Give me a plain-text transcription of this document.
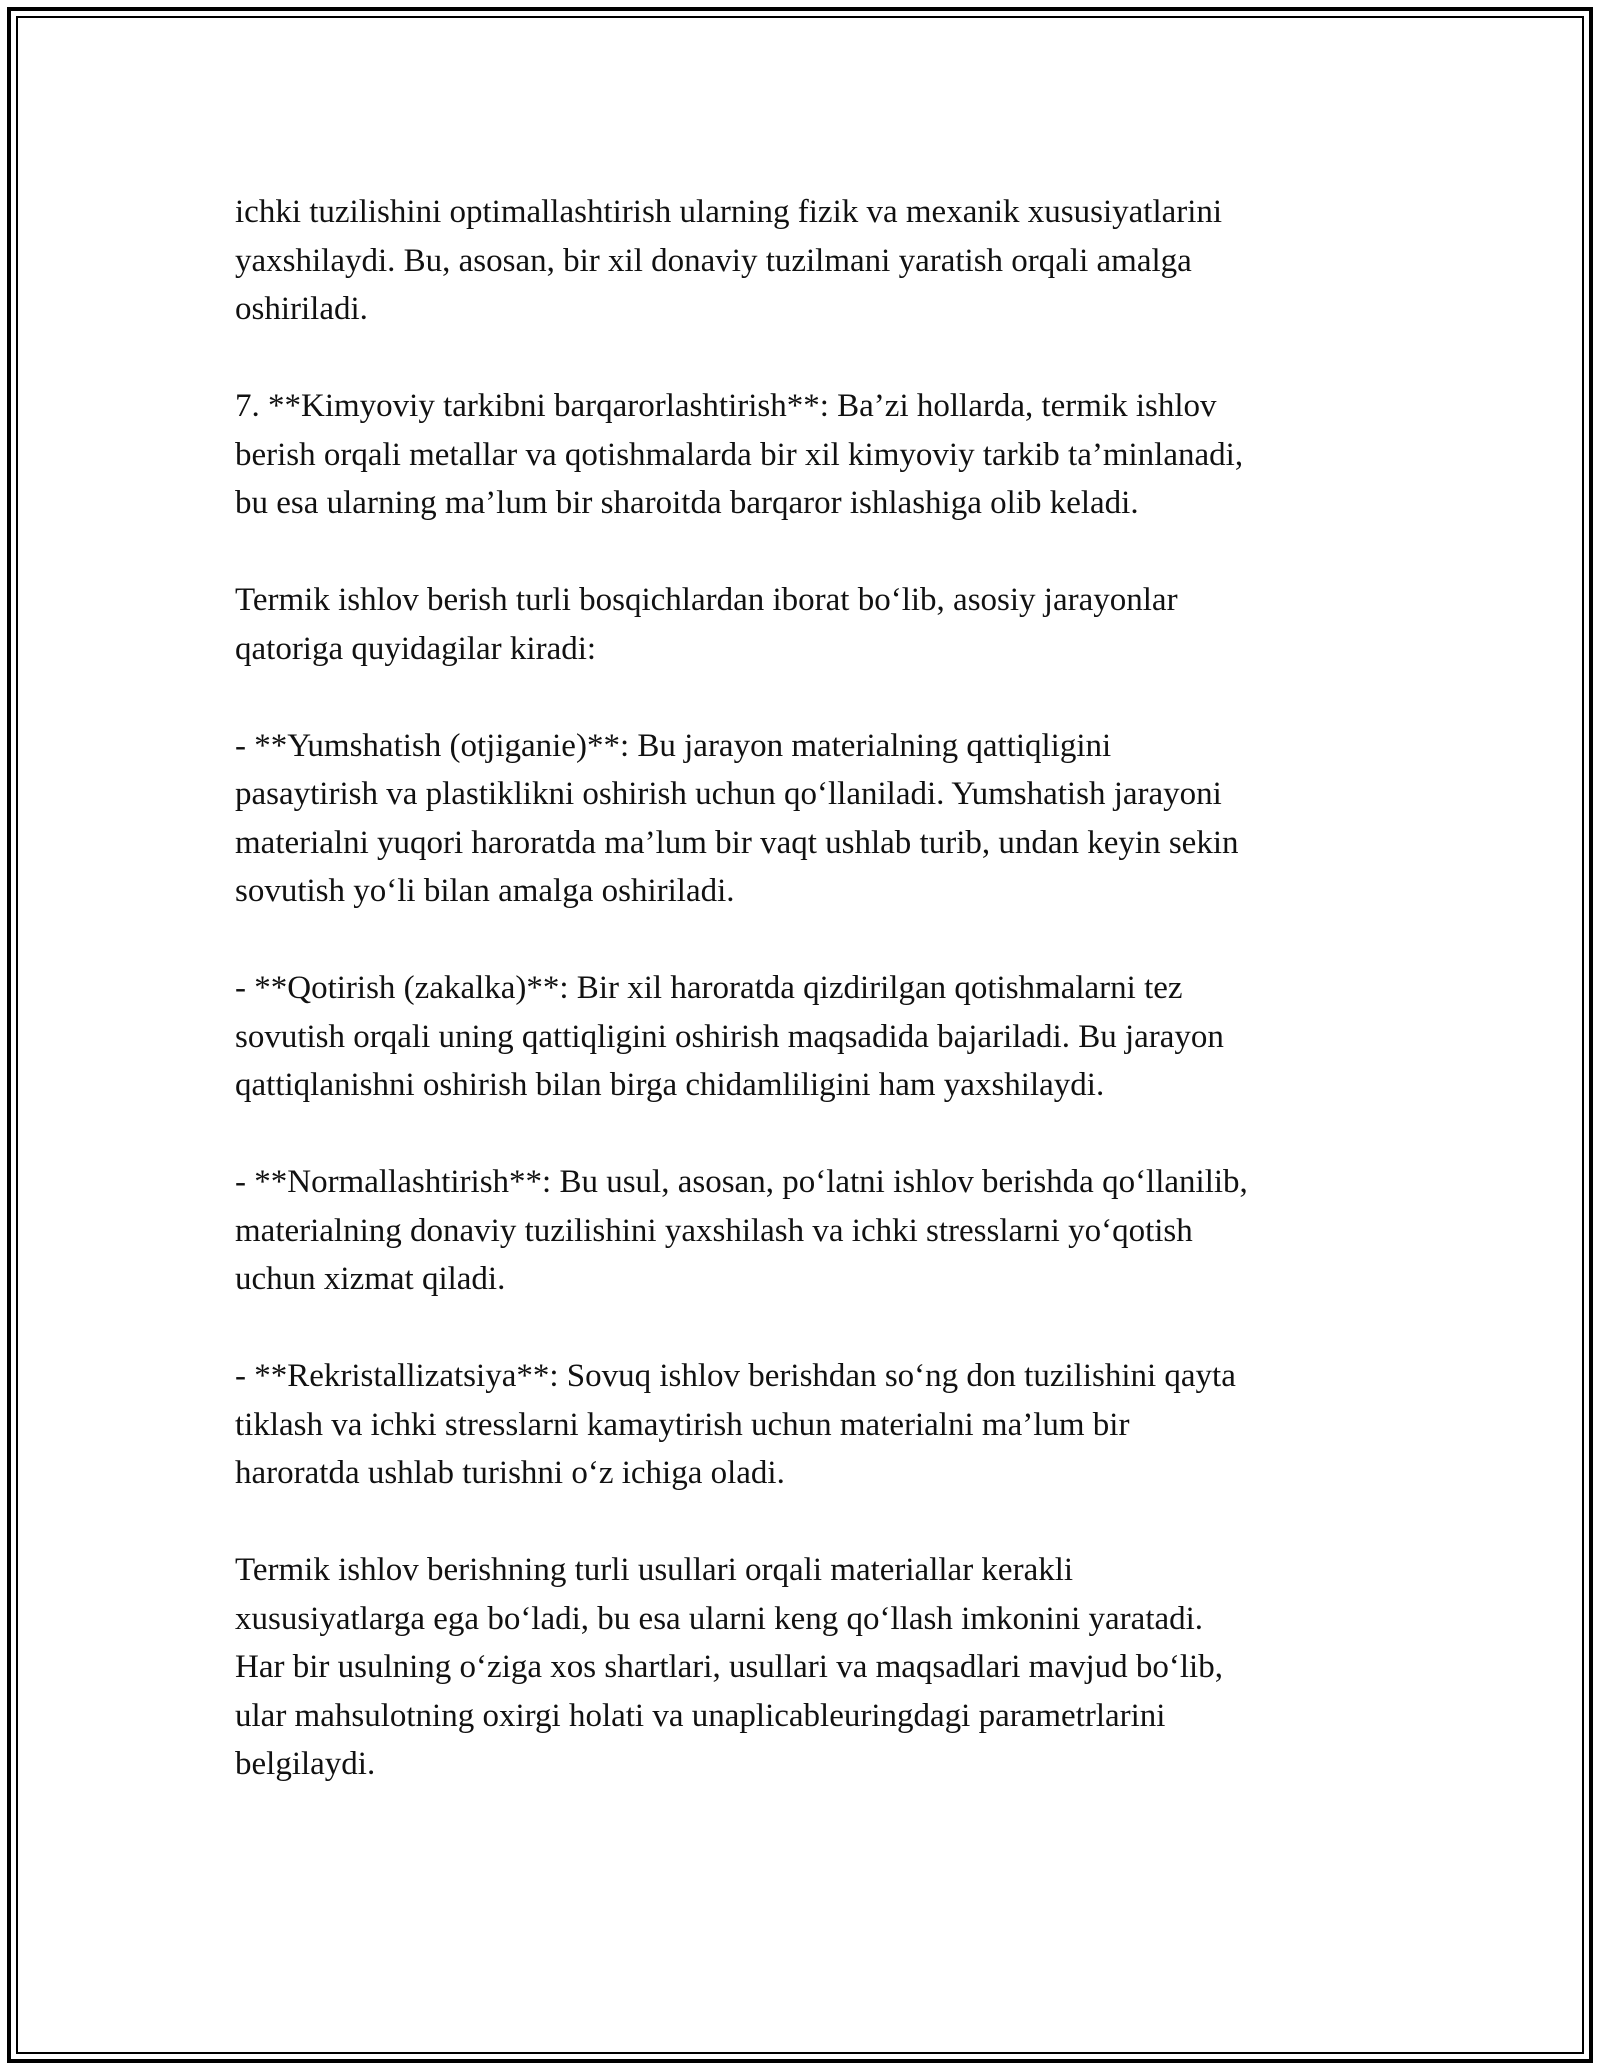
ichki tuzilishini optimallashtirish ularning fizik va mexanik xususiyatlarini
yaxshilaydi. Bu, asosan, bir xil donaviy tuzilmani yaratish orqali amalga
oshiriladi.

7. **Kimyoviy tarkibni barqarorlashtirish**: Ba’zi hollarda, termik ishlov
berish orqali metallar va qotishmalarda bir xil kimyoviy tarkib ta’minlanadi,
bu esa ularning ma’lum bir sharoitda barqaror ishlashiga olib keladi.

Termik ishlov berish turli bosqichlardan iborat bo‘lib, asosiy jarayonlar
qatoriga quyidagilar kiradi:

- **Yumshatish (otjiganie)**: Bu jarayon materialning qattiqligini
pasaytirish va plastiklikni oshirish uchun qo‘llaniladi. Yumshatish jarayoni
materialni yuqori haroratda ma’lum bir vaqt ushlab turib, undan keyin sekin
sovutish yo‘li bilan amalga oshiriladi.

- **Qotirish (zakalka)**: Bir xil haroratda qizdirilgan qotishmalarni tez
sovutish orqali uning qattiqligini oshirish maqsadida bajariladi. Bu jarayon
qattiqlanishni oshirish bilan birga chidamliligini ham yaxshilaydi.

- **Normallashtirish**: Bu usul, asosan, po‘latni ishlov berishda qo‘llanilib,
materialning donaviy tuzilishini yaxshilash va ichki stresslarni yo‘qotish
uchun xizmat qiladi.

- **Rekristallizatsiya**: Sovuq ishlov berishdan so‘ng don tuzilishini qayta
tiklash va ichki stresslarni kamaytirish uchun materialni ma’lum bir
haroratda ushlab turishni o‘z ichiga oladi.

Termik ishlov berishning turli usullari orqali materiallar kerakli
xususiyatlarga ega bo‘ladi, bu esa ularni keng qo‘llash imkonini yaratadi.
Har bir usulning o‘ziga xos shartlari, usullari va maqsadlari mavjud bo‘lib,
ular mahsulotning oxirgi holati va unaplicableuringdagi parametrlarini
belgilaydi.
